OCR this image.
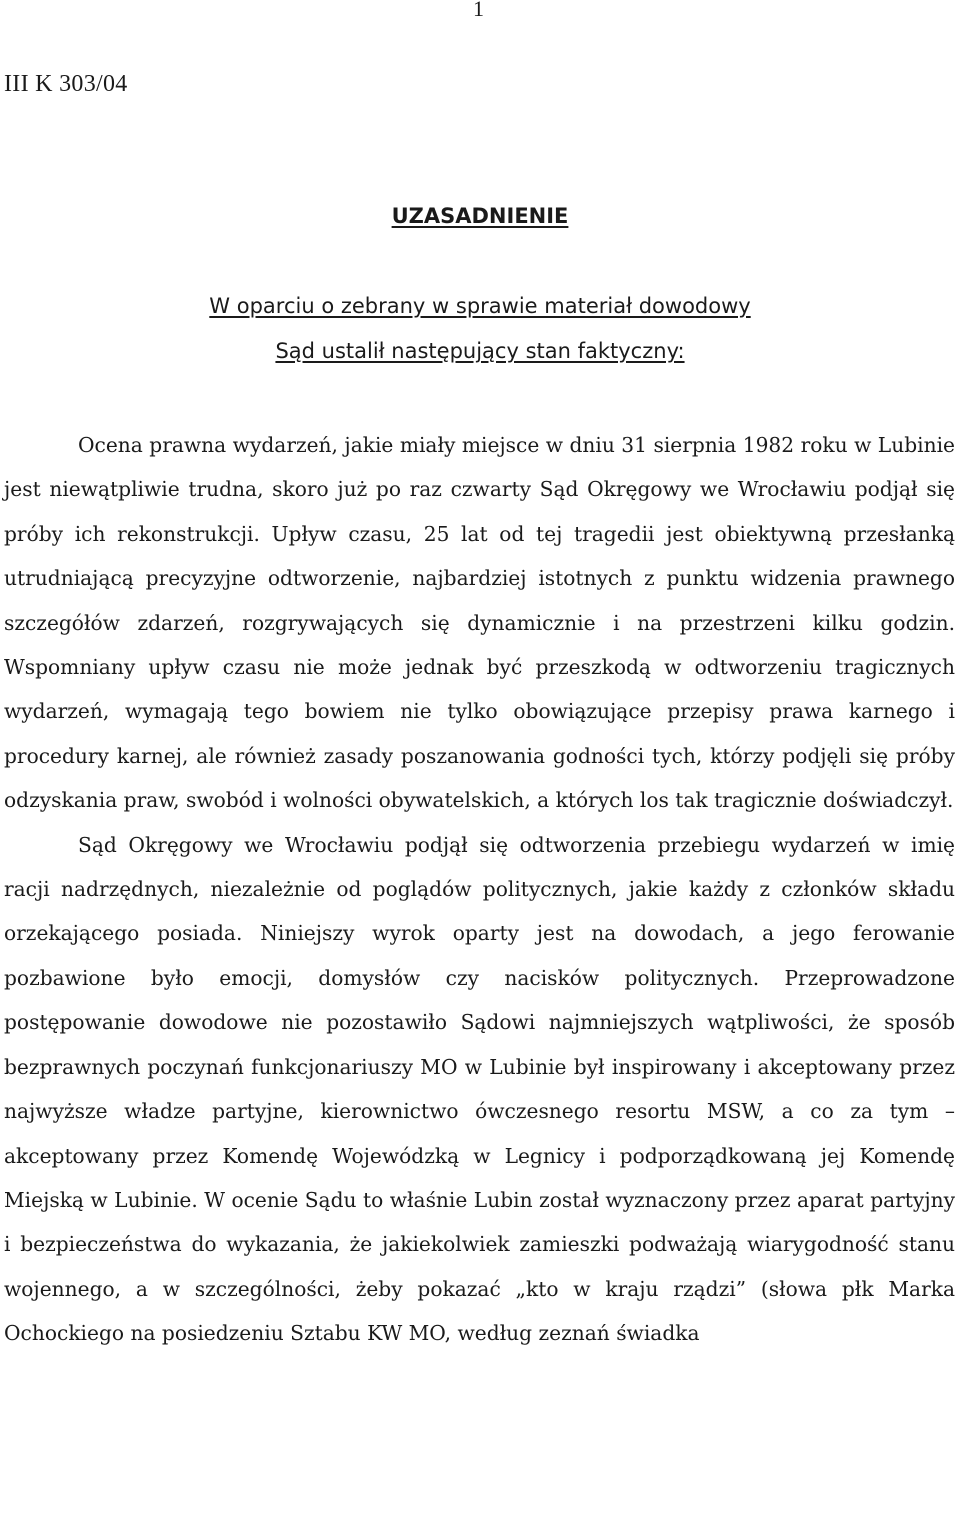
1
III K 303/04
UZASADNIENIE
W oparciu o zebrany w sprawie materiał dowodowy
Sąd ustalił następujący stan faktyczny:

Ocena prawna wydarzeń, jakie miały miejsce w dniu 31 sierpnia 1982 roku w Lubinie jest niewątpliwie trudna, skoro już po raz czwarty Sąd Okręgowy we Wrocławiu podjął się próby ich rekonstrukcji. Upływ czasu, 25 lat od tej tragedii jest obiektywną przesłanką utrudniającą precyzyjne odtworzenie, najbardziej istotnych z punktu widzenia prawnego szczegółów zdarzeń, rozgrywających się dynamicznie i na przestrzeni kilku godzin. Wspomniany upływ czasu nie może jednak być przeszkodą w odtworzeniu tragicznych wydarzeń, wymagają tego bowiem nie tylko obowiązujące przepisy prawa karnego i procedury karnej, ale również zasady poszanowania godności tych, którzy podjęli się próby odzyskania praw, swobód i wolności obywatelskich, a których los tak tragicznie doświadczył.

Sąd Okręgowy we Wrocławiu podjął się odtworzenia przebiegu wydarzeń w imię racji nadrzędnych, niezależnie od poglądów politycznych, jakie każdy z członków składu orzekającego posiada. Niniejszy wyrok oparty jest na dowodach, a jego ferowanie pozbawione było emocji, domysłów czy nacisków politycznych. Przeprowadzone postępowanie dowodowe nie pozostawiło Sądowi najmniejszych wątpliwości, że sposób bezprawnych poczynań funkcjonariuszy MO w Lubinie był inspirowany i akceptowany przez najwyższe władze partyjne, kierownictwo ówczesnego resortu MSW, a co za tym – akceptowany przez Komendę Wojewódzką w Legnicy i podporządkowaną jej Komendę Miejską w Lubinie. W ocenie Sądu to właśnie Lubin został wyznaczony przez aparat partyjny i bezpieczeństwa do wykazania, że jakiekolwiek zamieszki podważają wiarygodność stanu wojennego, a w szczególności, żeby pokazać „kto w kraju rządzi” (słowa płk Marka Ochockiego na posiedzeniu Sztabu KW MO, według zeznań świadka
